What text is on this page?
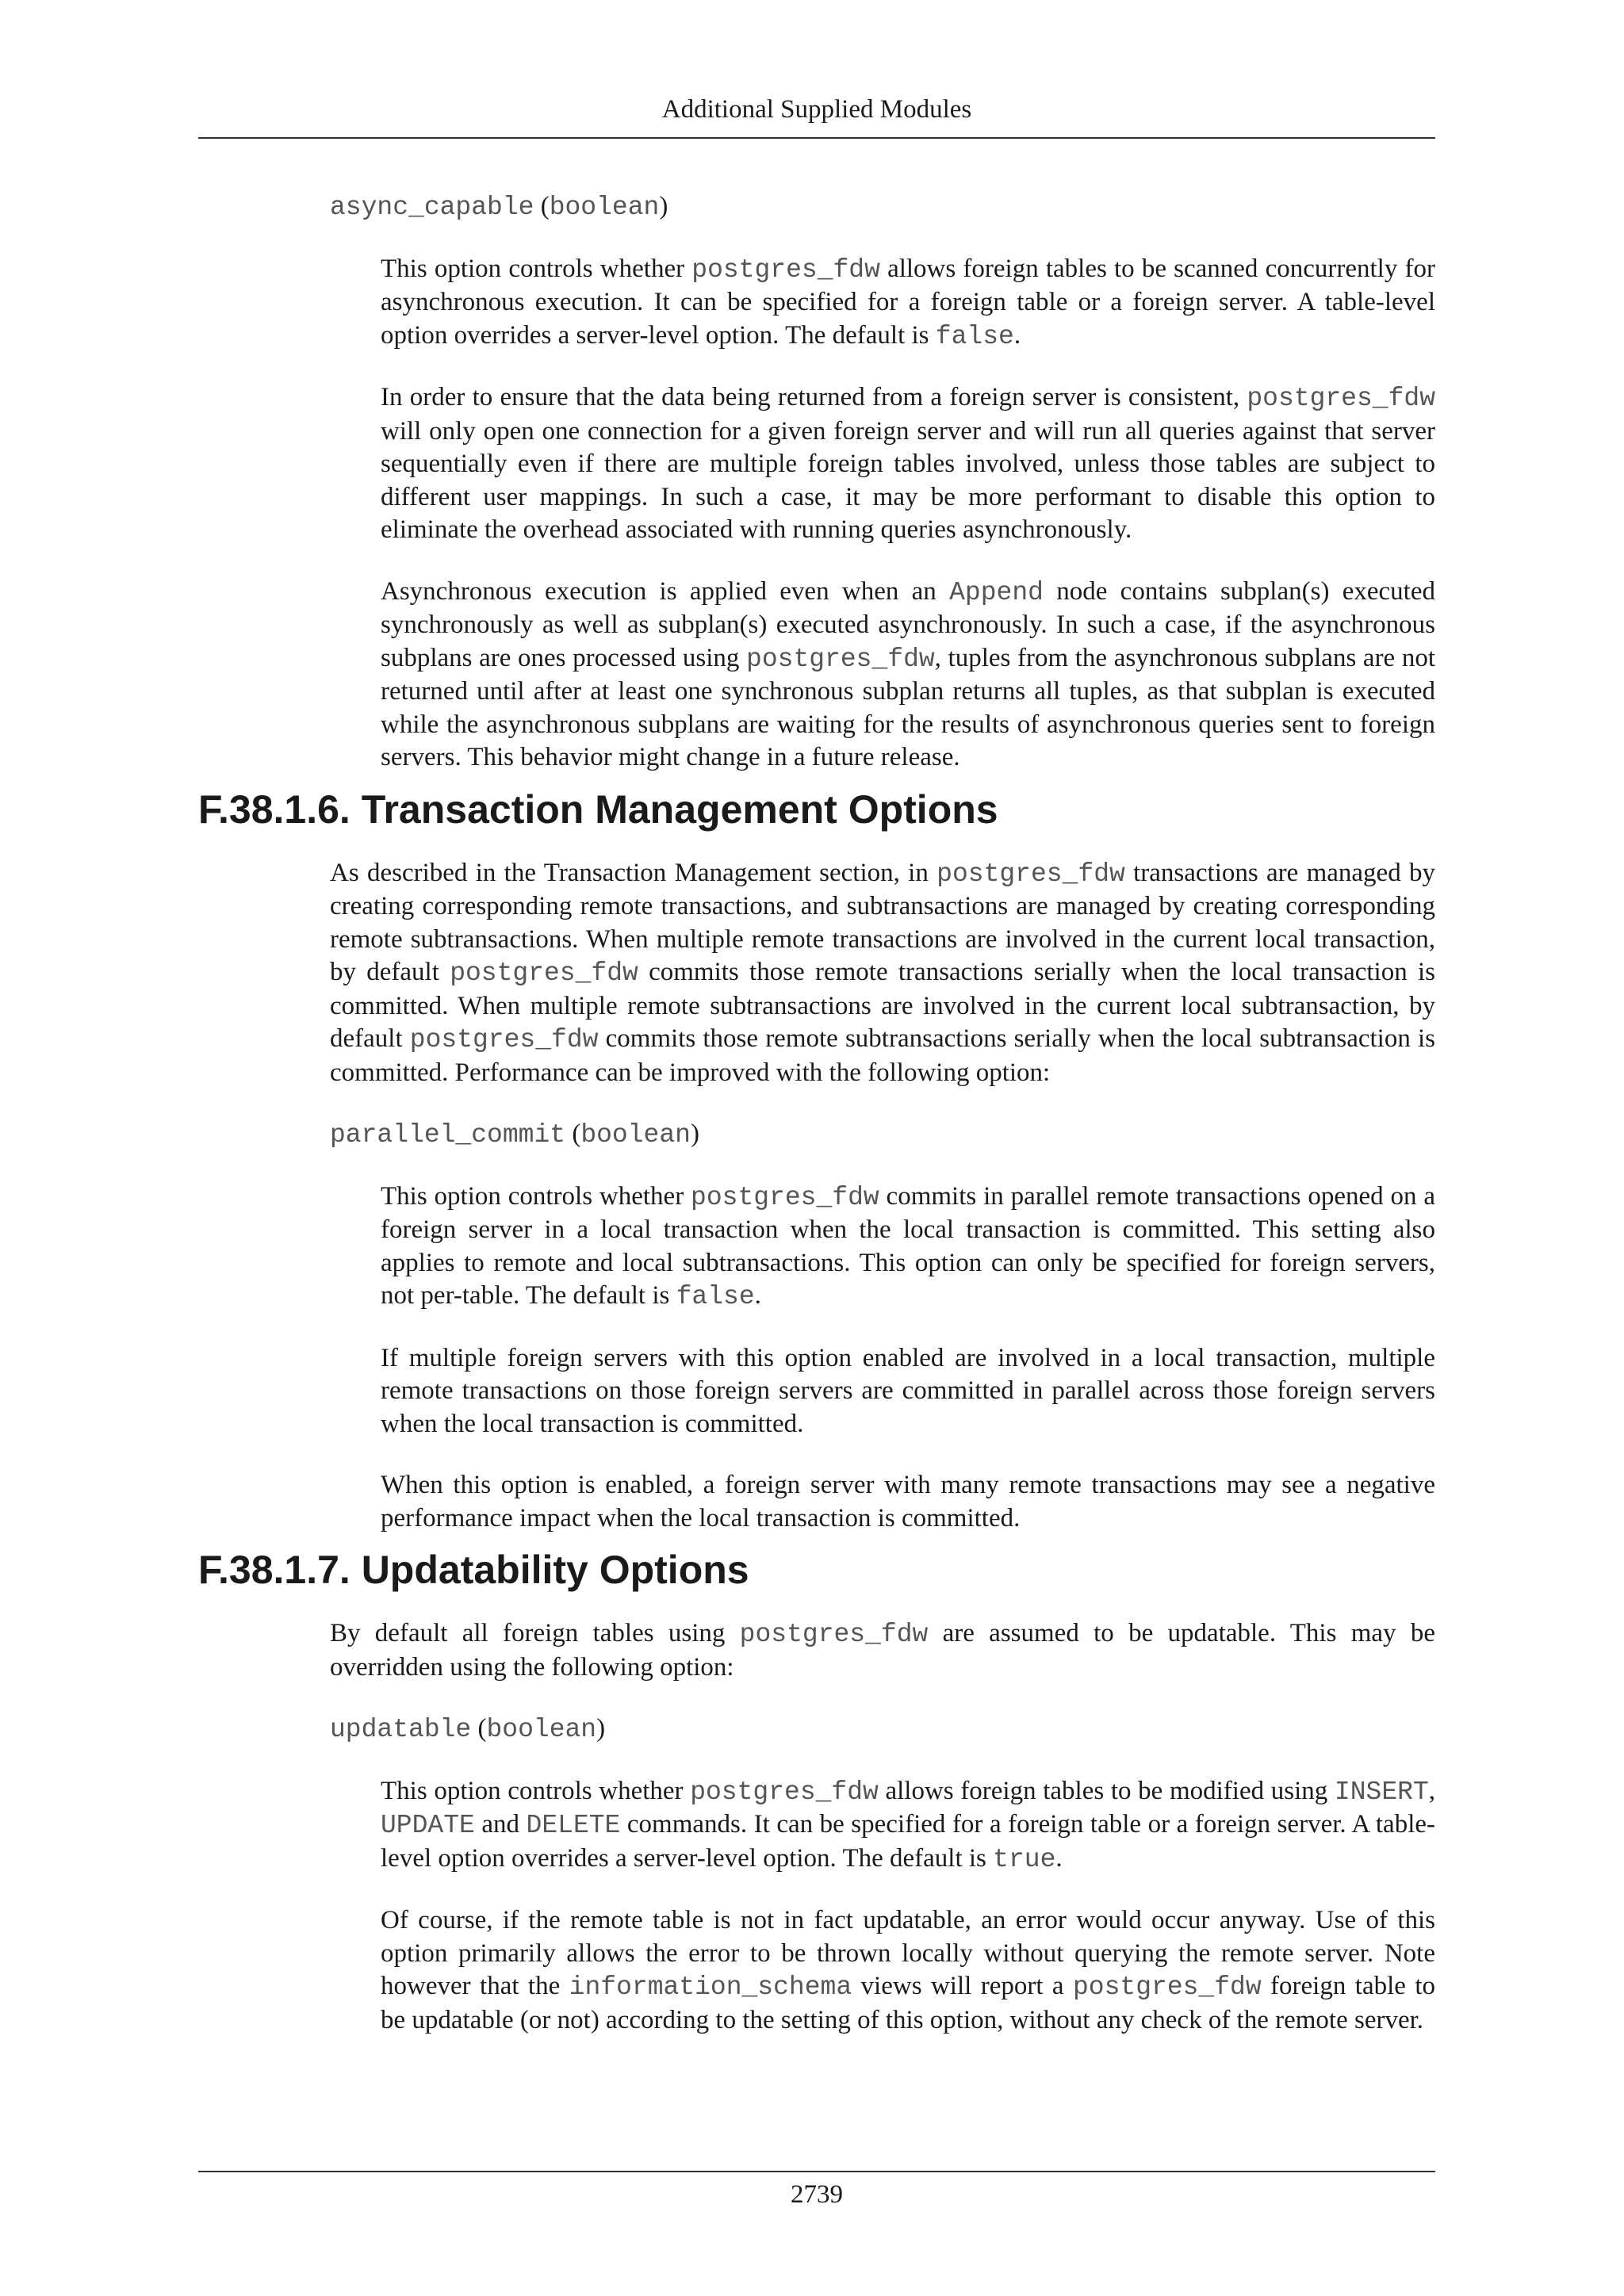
Additional Supplied Modules
async_capable (boolean)

This option controls whether postgres_fdw allows foreign tables to be scanned concurrently for asynchronous execution. It can be specified for a foreign table or a foreign server. A table-level option overrides a server-level option. The default is false.

In order to ensure that the data being returned from a foreign server is consistent, postgres_fdw will only open one connection for a given foreign server and will run all queries against that server sequentially even if there are multiple foreign tables involved, unless those tables are subject to different user mappings. In such a case, it may be more performant to disable this option to eliminate the overhead associated with running queries asynchronously.

Asynchronous execution is applied even when an Append node contains subplan(s) executed synchronously as well as subplan(s) executed asynchronously. In such a case, if the asynchronous subplans are ones processed using postgres_fdw, tuples from the asynchronous subplans are not returned until after at least one synchronous subplan returns all tuples, as that subplan is executed while the asynchronous subplans are waiting for the results of asynchronous queries sent to foreign servers. This behavior might change in a future release.

F.38.1.6. Transaction Management Options

As described in the Transaction Management section, in postgres_fdw transactions are managed by creating corresponding remote transactions, and subtransactions are managed by creating corresponding remote subtransactions. When multiple remote transactions are involved in the current local transaction, by default postgres_fdw commits those remote transactions serially when the local transaction is committed. When multiple remote subtransactions are involved in the current local subtransaction, by default postgres_fdw commits those remote subtransactions serially when the local subtransaction is committed. Performance can be improved with the following option:

parallel_commit (boolean)

This option controls whether postgres_fdw commits in parallel remote transactions opened on a foreign server in a local transaction when the local transaction is committed. This setting also applies to remote and local subtransactions. This option can only be specified for foreign servers, not per-table. The default is false.

If multiple foreign servers with this option enabled are involved in a local transaction, multiple remote transactions on those foreign servers are committed in parallel across those foreign servers when the local transaction is committed.

When this option is enabled, a foreign server with many remote transactions may see a negative performance impact when the local transaction is committed.

F.38.1.7. Updatability Options

By default all foreign tables using postgres_fdw are assumed to be updatable. This may be overridden using the following option:

updatable (boolean)

This option controls whether postgres_fdw allows foreign tables to be modified using INSERT, UPDATE and DELETE commands. It can be specified for a foreign table or a foreign server. A table-level option overrides a server-level option. The default is true.

Of course, if the remote table is not in fact updatable, an error would occur anyway. Use of this option primarily allows the error to be thrown locally without querying the remote server. Note however that the information_schema views will report a postgres_fdw foreign table to be updatable (or not) according to the setting of this option, without any check of the remote server.

2739
